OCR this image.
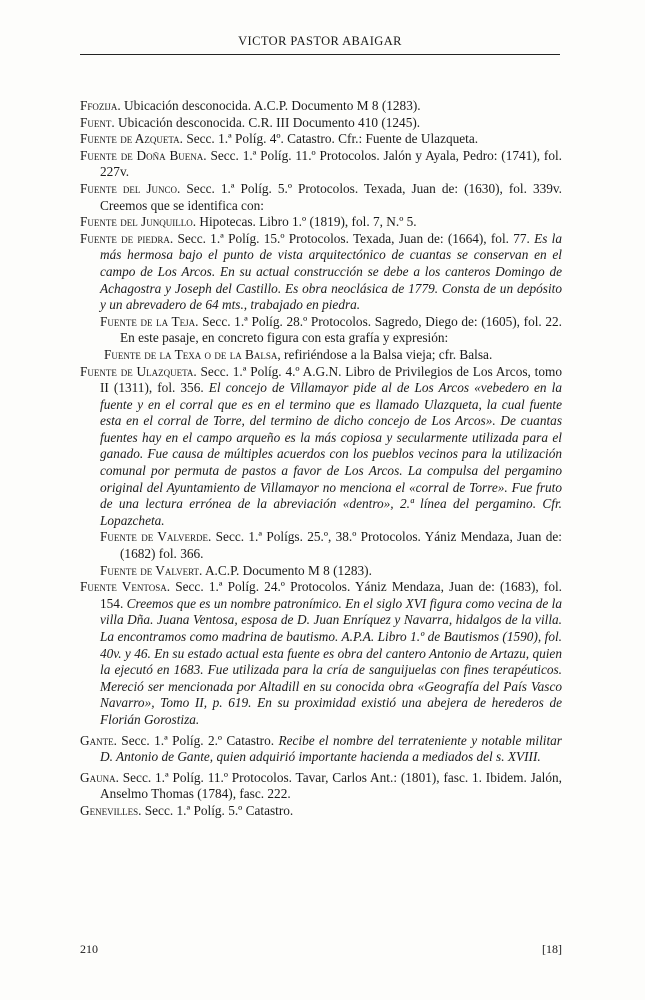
VICTOR PASTOR ABAIGAR

Ffozija. Ubicación desconocida. A.C.P. Documento M 8 (1283).

Fuent. Ubicación desconocida. C.R. III Documento 410 (1245).

Fuente de Azqueta. Secc. 1.ª Políg. 4º. Catastro. Cfr.: Fuente de Ulazqueta.

Fuente de Doña Buena. Secc. 1.ª Políg. 11.º Protocolos. Jalón y Ayala, Pedro: (1741), fol. 227v.

Fuente del Junco. Secc. 1.ª Políg. 5.º Protocolos. Texada, Juan de: (1630), fol. 339v. Creemos que se identifica con:

Fuente del Junquillo. Hipotecas. Libro 1.º (1819), fol. 7, N.º 5.

Fuente de piedra. Secc. 1.ª Políg. 15.º Protocolos. Texada, Juan de: (1664), fol. 77. Es la más hermosa bajo el punto de vista arquitectónico de cuantas se conservan en el campo de Los Arcos. En su actual construcción se debe a los canteros Domingo de Achagostra y Joseph del Castillo. Es obra neoclásica de 1779. Consta de un depósito y un abrevadero de 64 mts., trabajado en piedra.

Fuente de la Teja. Secc. 1.ª Políg. 28.º Protocolos. Sagredo, Diego de: (1605), fol. 22. En este pasaje, en concreto figura con esta grafía y expresión:

Fuente de la Texa o de la Balsa, refiriéndose a la Balsa vieja; cfr. Balsa.

Fuente de Ulazqueta. Secc. 1.ª Políg. 4.º A.G.N. Libro de Privilegios de Los Arcos, tomo II (1311), fol. 356. El concejo de Villamayor pide al de Los Arcos «vebedero en la fuente y en el corral que es en el termino que es llamado Ulazqueta, la cual fuente esta en el corral de Torre, del termino de dicho concejo de Los Arcos». De cuantas fuentes hay en el campo arqueño es la más copiosa y secularmente utilizada para el ganado. Fue causa de múltiples acuerdos con los pueblos vecinos para la utilización comunal por permuta de pastos a favor de Los Arcos. La compulsa del pergamino original del Ayuntamiento de Villamayor no menciona el «corral de Torre». Fue fruto de una lectura errónea de la abreviación «dentro», 2.ª línea del pergamino. Cfr. Lopazcheta.

Fuente de Valverde. Secc. 1.ª Polígs. 25.º, 38.º Protocolos. Yániz Mendaza, Juan de: (1682) fol. 366.

Fuente de Valvert. A.C.P. Documento M 8 (1283).

Fuente Ventosa. Secc. 1.ª Políg. 24.º Protocolos. Yániz Mendaza, Juan de: (1683), fol. 154. Creemos que es un nombre patronímico. En el siglo XVI figura como vecina de la villa Dña. Juana Ventosa, esposa de D. Juan Enríquez y Navarra, hidalgos de la villa. La encontramos como madrina de bautismo. A.P.A. Libro 1.º de Bautismos (1590), fol. 40v. y 46. En su estado actual esta fuente es obra del cantero Antonio de Artazu, quien la ejecutó en 1683. Fue utilizada para la cría de sanguijuelas con fines terapéuticos. Mereció ser mencionada por Altadill en su conocida obra «Geografía del País Vasco Navarro», Tomo II, p. 619. En su proximidad existió una abejera de herederos de Florián Gorostiza.

Gante. Secc. 1.ª Políg. 2.º Catastro. Recibe el nombre del terrateniente y notable militar D. Antonio de Gante, quien adquirió importante hacienda a mediados del s. XVIII.

Gauna. Secc. 1.ª Políg. 11.º Protocolos. Tavar, Carlos Ant.: (1801), fasc. 1. Ibidem. Jalón, Anselmo Thomas (1784), fasc. 222.

Genevilles. Secc. 1.ª Políg. 5.º Catastro.

210	[18]
